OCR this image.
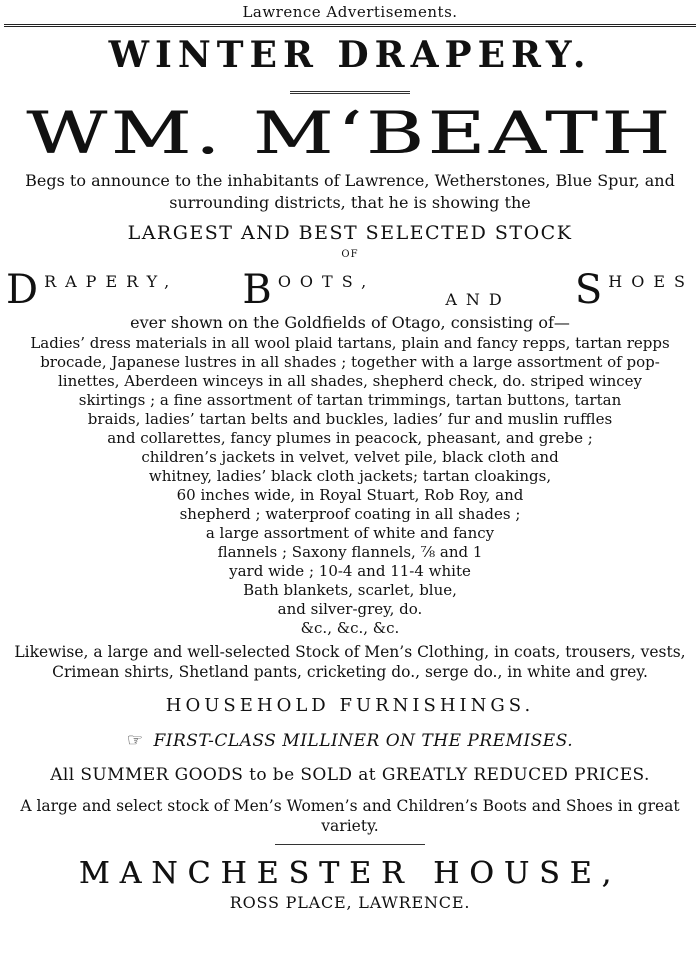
Lawrence Advertisements.
WINTER DRAPERY.
WM. M‘BEATH
Begs to announce to the inhabitants of Lawrence, Wetherstones, Blue Spur, and surrounding districts, that he is showing the
LARGEST AND BEST SELECTED STOCK
OF
D RAPERY, B OOTS,
AND S HOES
ever shown on the Goldfields of Otago, consisting of—
Ladies’ dress materials in all wool plaid tartans, plain and fancy repps, tartan repps
brocade, Japanese lustres in all shades ; together with a large assortment of pop-
linettes, Aberdeen winceys in all shades, shepherd check, do. striped wincey
skirtings ; a fine assortment of tartan trimmings, tartan buttons, tartan
braids, ladies’ tartan belts and buckles, ladies’ fur and muslin ruffles
and collarettes, fancy plumes in peacock, pheasant, and grebe ;
children’s jackets in velvet, velvet pile, black cloth and
whitney, ladies’ black cloth jackets; tartan cloakings,
60 inches wide, in Royal Stuart, Rob Roy, and
shepherd ; waterproof coating in all shades ;
a large assortment of white and fancy
flannels ; Saxony flannels, ⅞ and 1
yard wide ; 10-4 and 11-4 white
Bath blankets, scarlet, blue,
and silver-grey, do.
&c., &c., &c.
Likewise, a large and well-selected Stock of Men’s Clothing, in coats, trousers, vests, Crimean shirts, Shetland pants, cricketing do., serge do., in white and grey.
HOUSEHOLD FURNISHINGS.
☞ FIRST-CLASS MILLINER ON THE PREMISES.
All SUMMER GOODS to be SOLD at GREATLY REDUCED PRICES.
A large and select stock of Men’s Women’s and Children’s Boots and Shoes in great variety.
MANCHESTER HOUSE,
ROSS PLACE, LAWRENCE.
